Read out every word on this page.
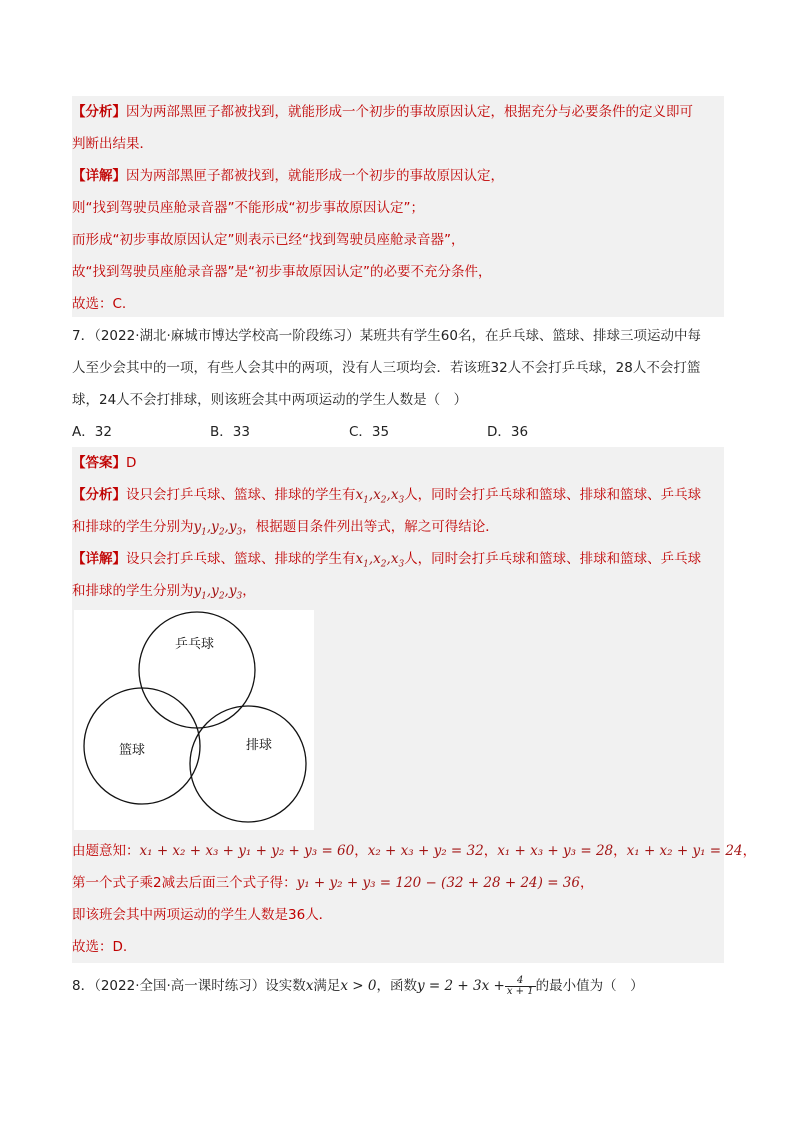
【分析】因为两部黑匣子都被找到，就能形成一个初步的事故原因认定，根据充分与必要条件的定义即可
判断出结果．
【详解】因为两部黑匣子都被找到，就能形成一个初步的事故原因认定，
则“找到驾驶员座舱录音器”不能形成“初步事故原因认定”；
而形成“初步事故原因认定”则表示已经“找到驾驶员座舱录音器”，
故“找到驾驶员座舱录音器”是“初步事故原因认定”的必要不充分条件，
故选：C.
7．（2022·湖北·麻城市博达学校高一阶段练习）某班共有学生60名，在乒乓球、篮球、排球三项运动中每
人至少会其中的一项，有些人会其中的两项，没有人三项均会．若该班32人不会打乒乓球，28人不会打篮
球，24人不会打排球，则该班会其中两项运动的学生人数是（　）
A．32	B．33	C．35	D．36
【答案】D
【分析】设只会打乒乓球、篮球、排球的学生有$x_1,x_2,x_3$人，同时会打乒乓球和篮球、排球和篮球、乒乓球
和排球的学生分别为$y_1,y_2,y_3$，根据题目条件列出等式，解之可得结论．
【详解】设只会打乒乓球、篮球、排球的学生有$x_1,x_2,x_3$人，同时会打乒乓球和篮球、排球和篮球、乒乓球
和排球的学生分别为$y_1,y_2,y_3$，
乒乓球
篮球	排球
由题意知：x₁ + x₂ + x₃ + y₁ + y₂ + y₃ = 60，x₂ + x₃ + y₂ = 32，x₁ + x₃ + y₃ = 28，x₁ + x₂ + y₁ = 24，
第一个式子乘2减去后面三个式子得：y₁ + y₂ + y₃ = 120 − (32 + 28 + 24) = 36，
即该班会其中两项运动的学生人数是36人．
故选：D.
8．（2022·全国·高一课时练习）设实数x满足x > 0，函数$y = 2 + 3x + \frac{4}{x + 1}$ 的最小值为（　）
